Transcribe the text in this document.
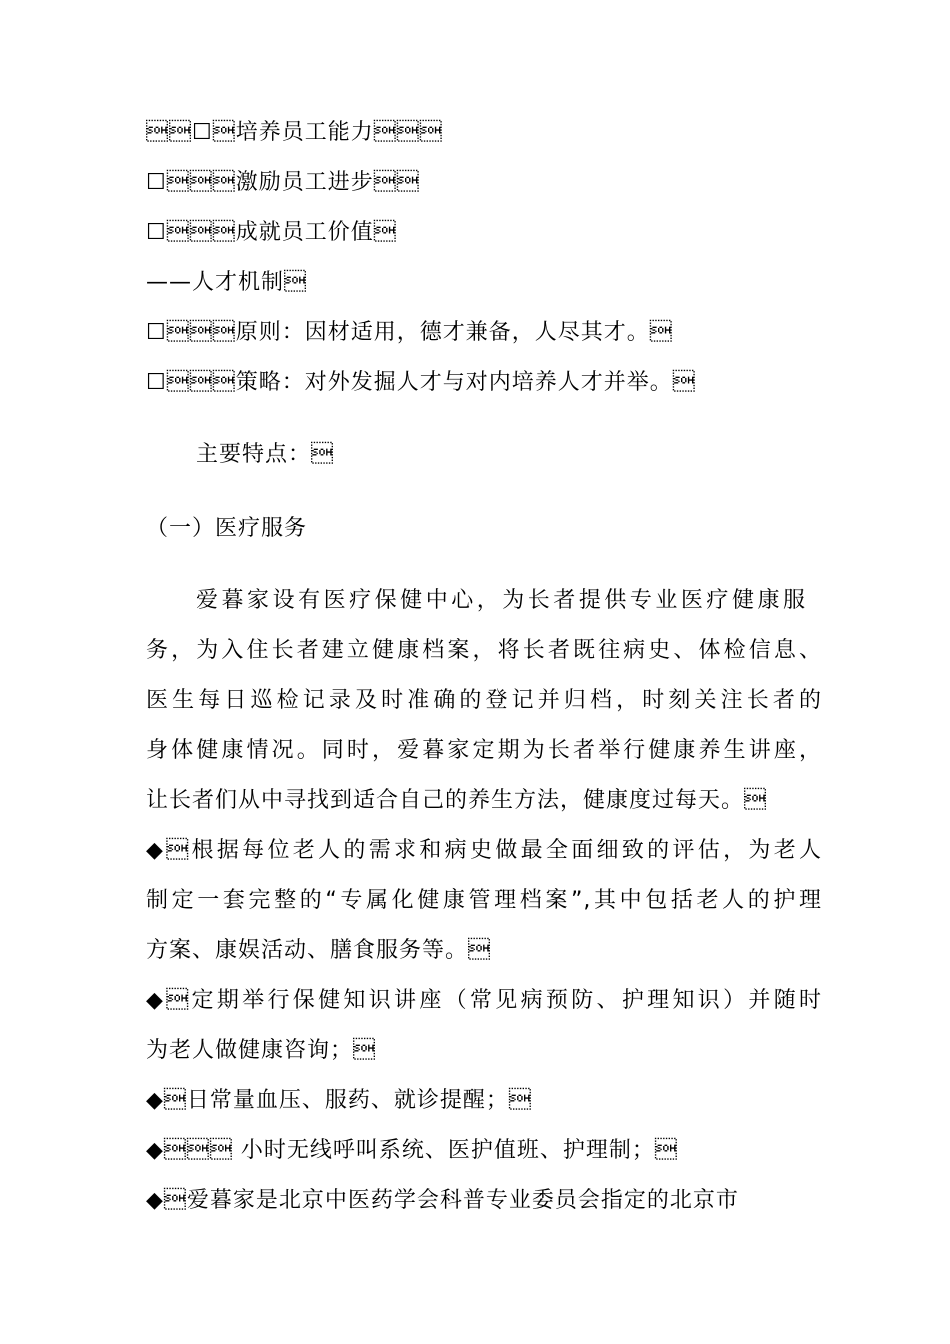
☐培养员工能力
☐激励员工进步
☐成就员工价值
——人才机制
☐原则：因材适用，德才兼备，人尽其才。
☐策略：对外发掘人才与对内培养人才并举。
主要特点：
（一）医疗服务
爱暮家设有医疗保健中心，为长者提供专业医疗健康服
务，为入住长者建立健康档案，将长者既往病史、体检信息、
医生每日巡检记录及时准确的登记并归档，时刻关注长者的
身体健康情况。同时，爱暮家定期为长者举行健康养生讲座，
让长者们从中寻找到适合自己的养生方法，健康度过每天。
◆根据每位老人的需求和病史做最全面细致的评估，为老人
制定一套完整的“专属化健康管理档案”,其中包括老人的护理
方案、康娱活动、膳食服务等。
◆定期举行保健知识讲座（常见病预防、护理知识）并随时
为老人做健康咨询；
◆日常量血压、服药、就诊提醒；
◆ 小时无线呼叫系统、医护值班、护理制；
◆爱暮家是北京中医药学会科普专业委员会指定的北京市
